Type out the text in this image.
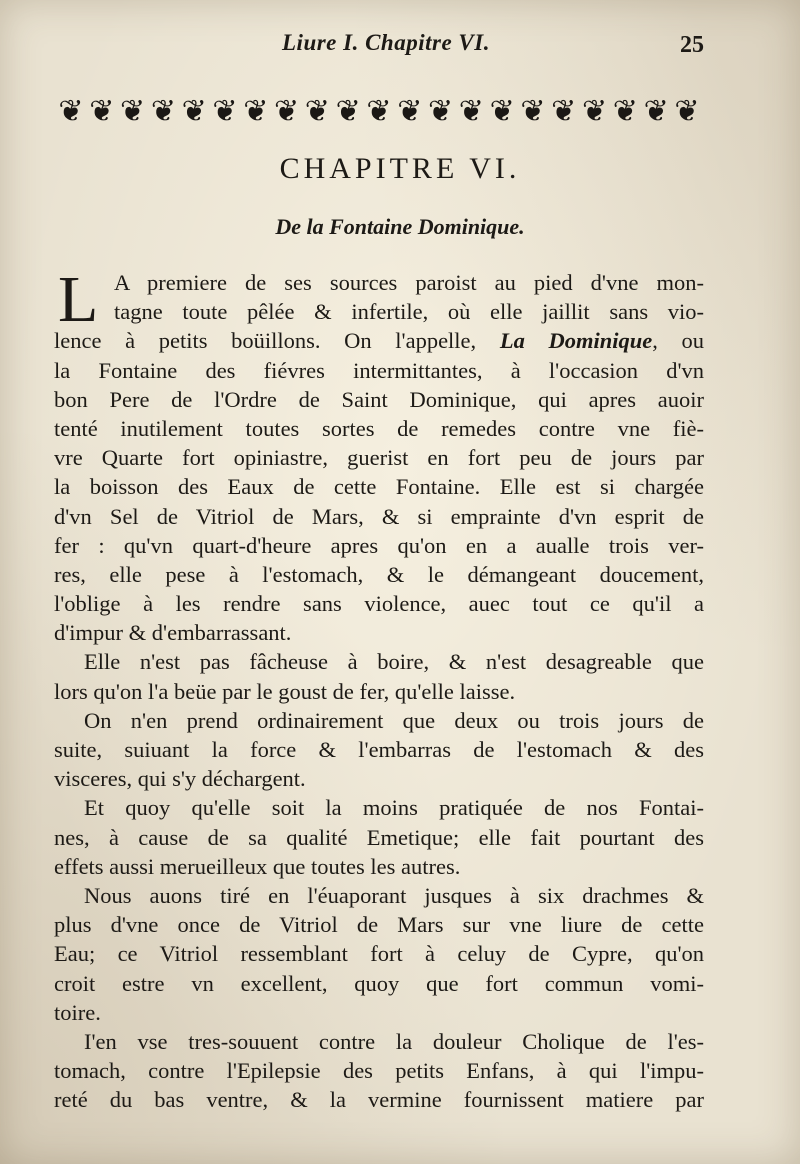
Liure I. Chapitre VI.	25
❦ ❦ ❦ ❦ ❦ ❦ ❦ ❦ ❦ ❦ ❦ ❦ ❦ ❦ ❦ ❦ ❦ ❦ ❦ ❦ ❦
CHAPITRE VI.
De la Fontaine Dominique.
L A premiere de ses sources paroist au pied d'vne mon-
tagne toute pêlée & infertile, où elle jaillit sans vio-
lence à petits boüillons. On l'appelle, La Dominique, ou
la Fontaine des fiévres intermittantes, à l'occasion d'vn
bon Pere de l'Ordre de Saint Dominique, qui apres auoir
tenté inutilement toutes sortes de remedes contre vne fiè-
vre Quarte fort opiniastre, guerist en fort peu de jours par
la boisson des Eaux de cette Fontaine. Elle est si chargée
d'vn Sel de Vitriol de Mars, & si emprainte d'vn esprit de
fer : qu'vn quart-d'heure apres qu'on en a aualle trois ver-
res, elle pese à l'estomach, & le démangeant doucement,
l'oblige à les rendre sans violence, auec tout ce qu'il a
d'impur & d'embarrassant.
Elle n'est pas fâcheuse à boire, & n'est desagreable que
lors qu'on l'a beüe par le goust de fer, qu'elle laisse.
On n'en prend ordinairement que deux ou trois jours de
suite, suiuant la force & l'embarras de l'estomach & des
visceres, qui s'y déchargent.
Et quoy qu'elle soit la moins pratiquée de nos Fontai-
nes, à cause de sa qualité Emetique; elle fait pourtant des
effets aussi merueilleux que toutes les autres.
Nous auons tiré en l'éuaporant jusques à six drachmes &
plus d'vne once de Vitriol de Mars sur vne liure de cette
Eau; ce Vitriol ressemblant fort à celuy de Cypre, qu'on
croit estre vn excellent, quoy que fort commun vomi-
toire.
I'en vse tres-souuent contre la douleur Cholique de l'es-
tomach, contre l'Epilepsie des petits Enfans, à qui l'impu-
reté du bas ventre, & la vermine fournissent matiere par
